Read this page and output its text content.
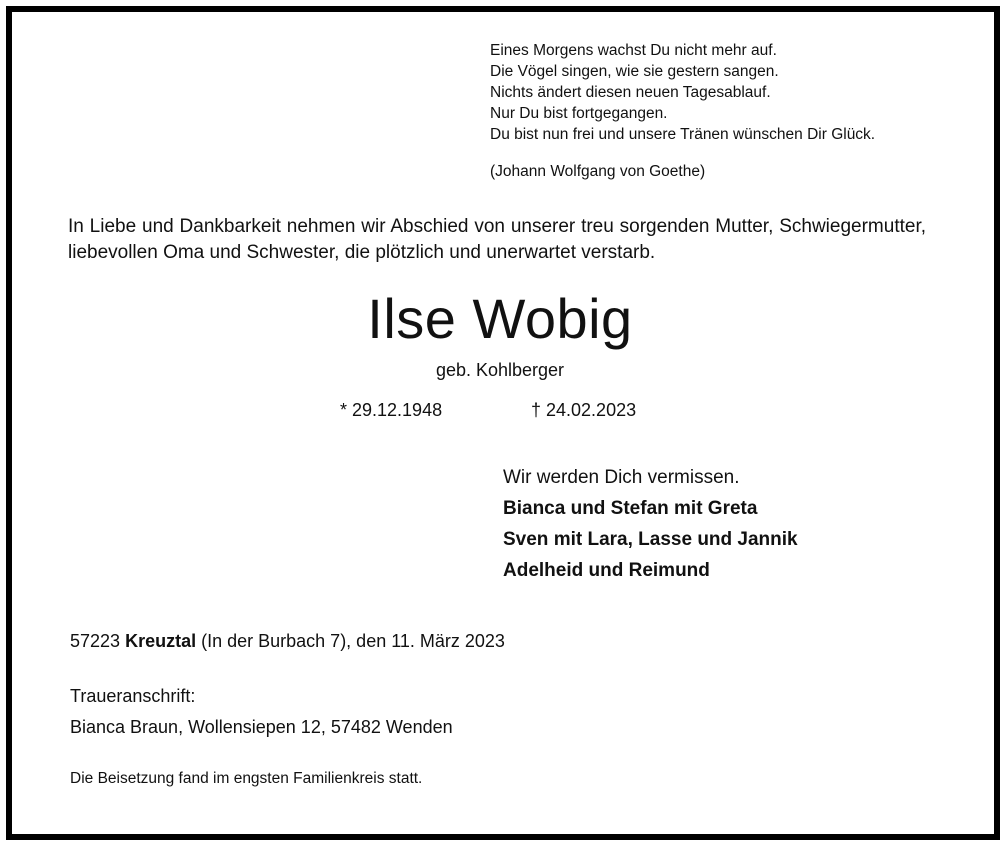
Eines Morgens wachst Du nicht mehr auf.
Die Vögel singen, wie sie gestern sangen.
Nichts ändert diesen neuen Tagesablauf.
Nur Du bist fortgegangen.
Du bist nun frei und unsere Tränen wünschen Dir Glück.
(Johann Wolfgang von Goethe)
In Liebe und Dankbarkeit nehmen wir Abschied von unserer treu sorgenden Mutter, Schwiegermutter, liebevollen Oma und Schwester, die plötzlich und unerwartet verstarb.
Ilse Wobig
geb. Kohlberger
* 29.12.1948	† 24.02.2023
Wir werden Dich vermissen.
Bianca und Stefan mit Greta
Sven mit Lara, Lasse und Jannik
Adelheid und Reimund
57223 Kreuztal (In der Burbach 7), den 11. März 2023
Traueranschrift:
Bianca Braun, Wollensiepen 12, 57482 Wenden
Die Beisetzung fand im engsten Familienkreis statt.
